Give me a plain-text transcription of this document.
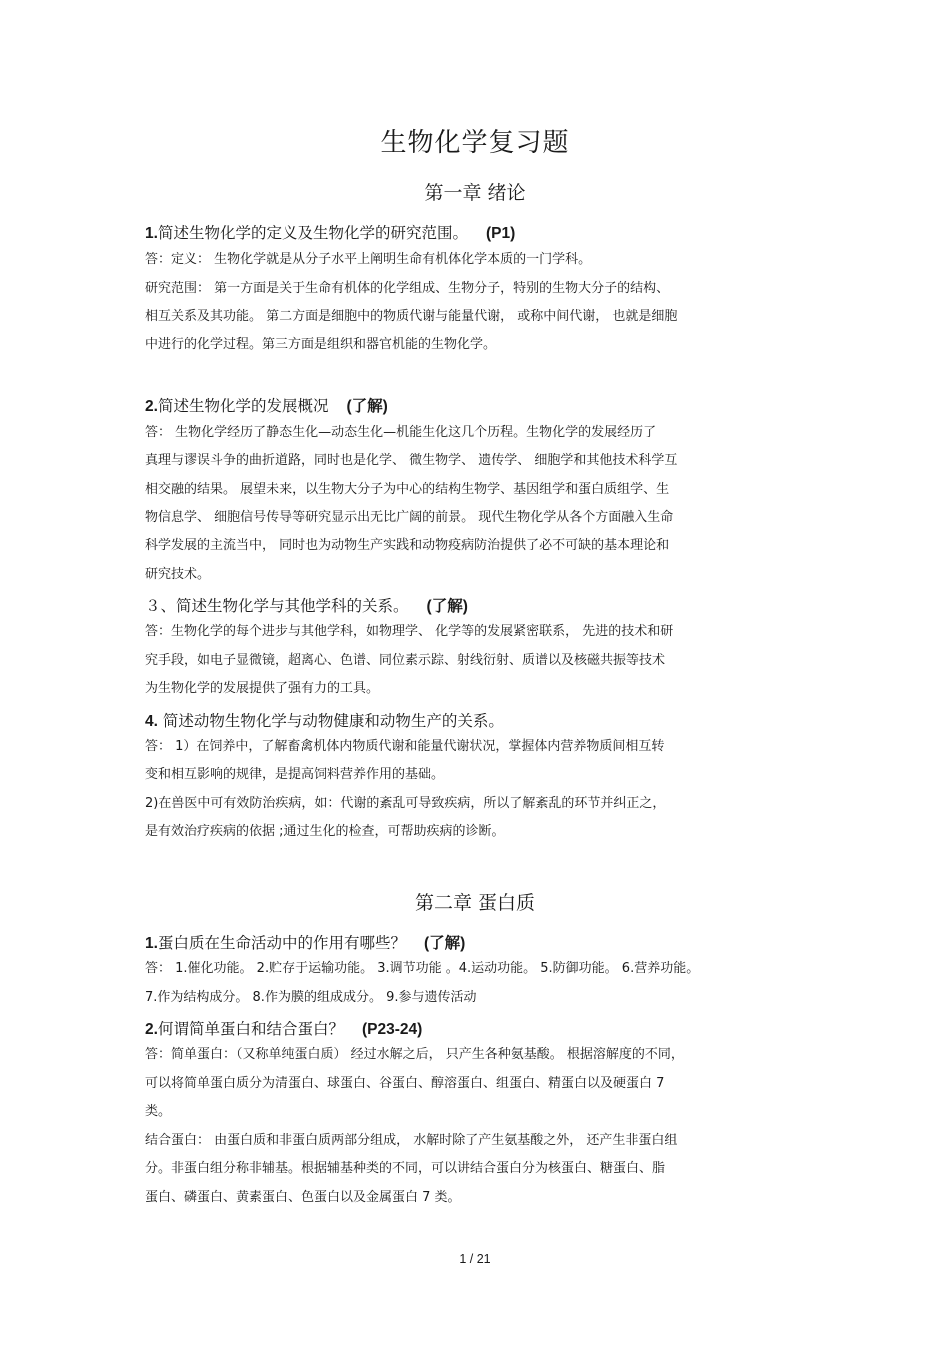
生物化学复习题
第一章 绪论
1.简述生物化学的定义及生物化学的研究范围。 (P1)

答：定义： 生物化学就是从分子水平上阐明生命有机体化学本质的一门学科。

研究范围： 第一方面是关于生命有机体的化学组成、生物分子，特别的生物大分子的结构、

相互关系及其功能。 第二方面是细胞中的物质代谢与能量代谢， 或称中间代谢， 也就是细胞

中进行的化学过程。第三方面是组织和器官机能的生物化学。

2.简述生物化学的发展概况 (了解)

答： 生物化学经历了静态生化—动态生化—机能生化这几个历程。生物化学的发展经历了

真理与谬误斗争的曲折道路，同时也是化学、 微生物学、 遗传学、 细胞学和其他技术科学互

相交融的结果。 展望未来，以生物大分子为中心的结构生物学、基因组学和蛋白质组学、生

物信息学、 细胞信号传导等研究显示出无比广阔的前景。 现代生物化学从各个方面融入生命

科学发展的主流当中， 同时也为动物生产实践和动物疫病防治提供了必不可缺的基本理论和

研究技术。

３、简述生物化学与其他学科的关系。 (了解)

答：生物化学的每个进步与其他学科，如物理学、 化学等的发展紧密联系， 先进的技术和研

究手段，如电子显微镜，超离心、色谱、同位素示踪、射线衍射、质谱以及核磁共振等技术

为生物化学的发展提供了强有力的工具。

4. 简述动物生物化学与动物健康和动物生产的关系。

答： 1）在饲养中，了解畜禽机体内物质代谢和能量代谢状况，掌握体内营养物质间相互转

变和相互影响的规律，是提高饲料营养作用的基础。

2)在兽医中可有效防治疾病，如：代谢的紊乱可导致疾病，所以了解紊乱的环节并纠正之，

是有效治疗疾病的依据 ;通过生化的检查，可帮助疾病的诊断。

第二章 蛋白质
1.蛋白质在生命活动中的作用有哪些？ (了解)

答： 1.催化功能。 2.贮存于运输功能。 3.调节功能 。4.运动功能。 5.防御功能。 6.营养功能。

7.作为结构成分。 8.作为膜的组成成分。 9.参与遗传活动

2.何谓简单蛋白和结合蛋白？ (P23-24)

答：简单蛋白：（又称单纯蛋白质） 经过水解之后， 只产生各种氨基酸。 根据溶解度的不同，

可以将简单蛋白质分为清蛋白、球蛋白、谷蛋白、醇溶蛋白、组蛋白、精蛋白以及硬蛋白 7

类。

结合蛋白： 由蛋白质和非蛋白质两部分组成， 水解时除了产生氨基酸之外， 还产生非蛋白组

分。非蛋白组分称非辅基。根据辅基种类的不同，可以讲结合蛋白分为核蛋白、糖蛋白、脂

蛋白、磷蛋白、黄素蛋白、色蛋白以及金属蛋白 7 类。

1 / 21
